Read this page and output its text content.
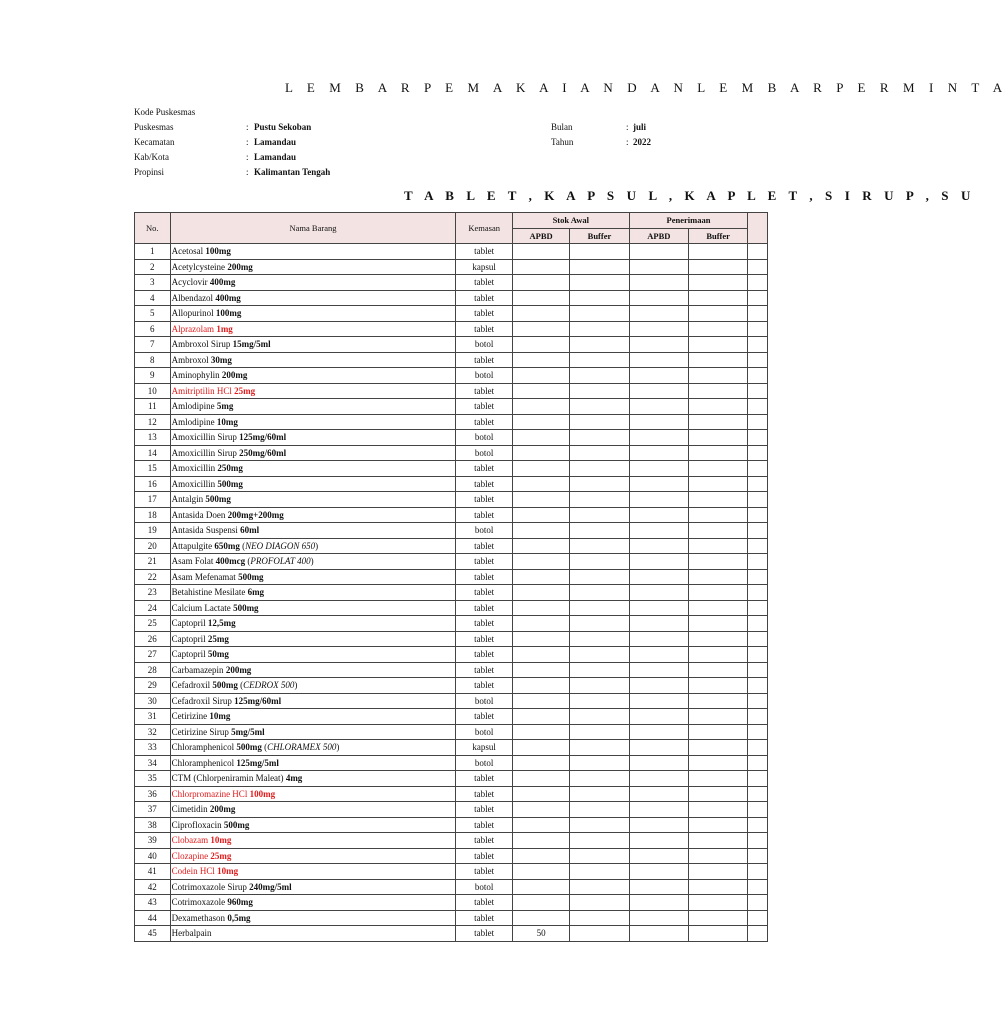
L E M B A R P E M A K A I A N D A N L E M B A R P E R M I N T A
Kode Puskesmas
Puskesmas	: Pustu Sekoban
Kecamatan	: Lamandau
Kab/Kota	: Lamandau
Propinsi	: Kalimantan Tengah
Bulan	: juli
Tahun	: 2022
T A B L E T , K A P S U L , K A P L E T , S I R U P , S U
No.	Nama Barang	Kemasan	Stok Awal		Penerimaan		
			APBD	Buffer	APBD	Buffer	
1	Acetosal 100mg	tablet					
2	Acetylcysteine 200mg	kapsul					
3	Acyclovir 400mg	tablet					
4	Albendazol 400mg	tablet					
5	Allopurinol 100mg	tablet					
6	Alprazolam 1mg	tablet					
7	Ambroxol Sirup 15mg/5ml	botol					
8	Ambroxol 30mg	tablet					
9	Aminophylin 200mg	botol					
10	Amitriptilin HCl 25mg	tablet					
11	Amlodipine 5mg	tablet					
12	Amlodipine 10mg	tablet					
13	Amoxicillin Sirup 125mg/60ml	botol					
14	Amoxicillin Sirup 250mg/60ml	botol					
15	Amoxicillin 250mg	tablet					
16	Amoxicillin 500mg	tablet					
17	Antalgin 500mg	tablet					
18	Antasida Doen 200mg+200mg	tablet					
19	Antasida Suspensi 60ml	botol					
20	Attapulgite 650mg (NEO DIAGON 650)	tablet					
21	Asam Folat 400mcg (PROFOLAT 400)	tablet					
22	Asam Mefenamat 500mg	tablet					
23	Betahistine Mesilate 6mg	tablet					
24	Calcium Lactate 500mg	tablet					
25	Captopril 12,5mg	tablet					
26	Captopril 25mg	tablet					
27	Captopril 50mg	tablet					
28	Carbamazepin 200mg	tablet					
29	Cefadroxil 500mg (CEDROX 500)	tablet					
30	Cefadroxil Sirup 125mg/60ml	botol					
31	Cetirizine 10mg	tablet					
32	Cetirizine Sirup 5mg/5ml	botol					
33	Chloramphenicol 500mg (CHLORAMEX 500)	kapsul					
34	Chloramphenicol 125mg/5ml	botol					
35	CTM (Chlorpeniramin Maleat) 4mg	tablet					
36	Chlorpromazine HCl 100mg	tablet					
37	Cimetidin 200mg	tablet					
38	Ciprofloxacin 500mg	tablet					
39	Clobazam 10mg	tablet					
40	Clozapine 25mg	tablet					
41	Codein HCl 10mg	tablet					
42	Cotrimoxazole Sirup 240mg/5ml	botol					
43	Cotrimoxazole 960mg	tablet					
44	Dexamethason 0,5mg	tablet					
45	Herbalpain	tablet	50				
